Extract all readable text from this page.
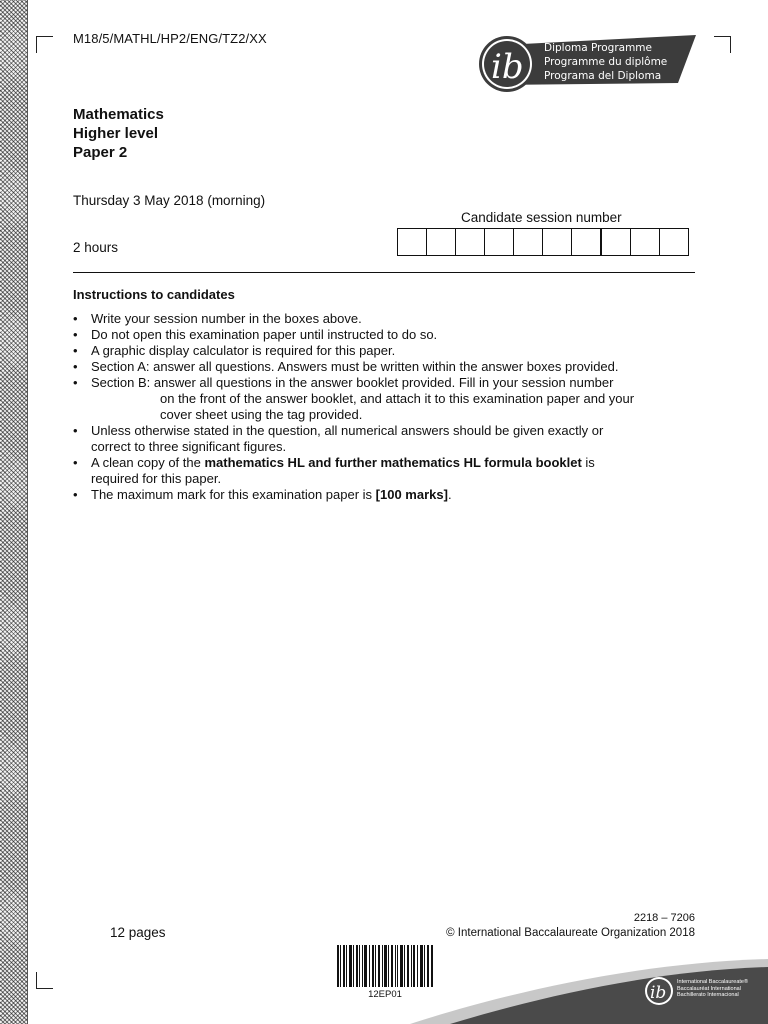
M18/5/MATHL/HP2/ENG/TZ2/XX
ib Diploma Programme
Programme du diplôme
Programa del Diploma
Mathematics
Higher level
Paper 2
Thursday 3 May 2018 (morning)
2 hours
Candidate session number
Instructions to candidates
• Write your session number in the boxes above.
• Do not open this examination paper until instructed to do so.
• A graphic display calculator is required for this paper.
• Section A: answer all questions. Answers must be written within the answer boxes provided.
• Section B: answer all questions in the answer booklet provided. Fill in your session number
on the front of the answer booklet, and attach it to this examination paper and your
cover sheet using the tag provided.
• Unless otherwise stated in the question, all numerical answers should be given exactly or
correct to three significant figures.
• A clean copy of the mathematics HL and further mathematics HL formula booklet is
required for this paper.
• The maximum mark for this examination paper is [100 marks].
12 pages
2218 – 7206
© International Baccalaureate Organization 2018
12EP01	ib
International Baccalaureate®
Baccalauréat International
Bachillerato Internacional
